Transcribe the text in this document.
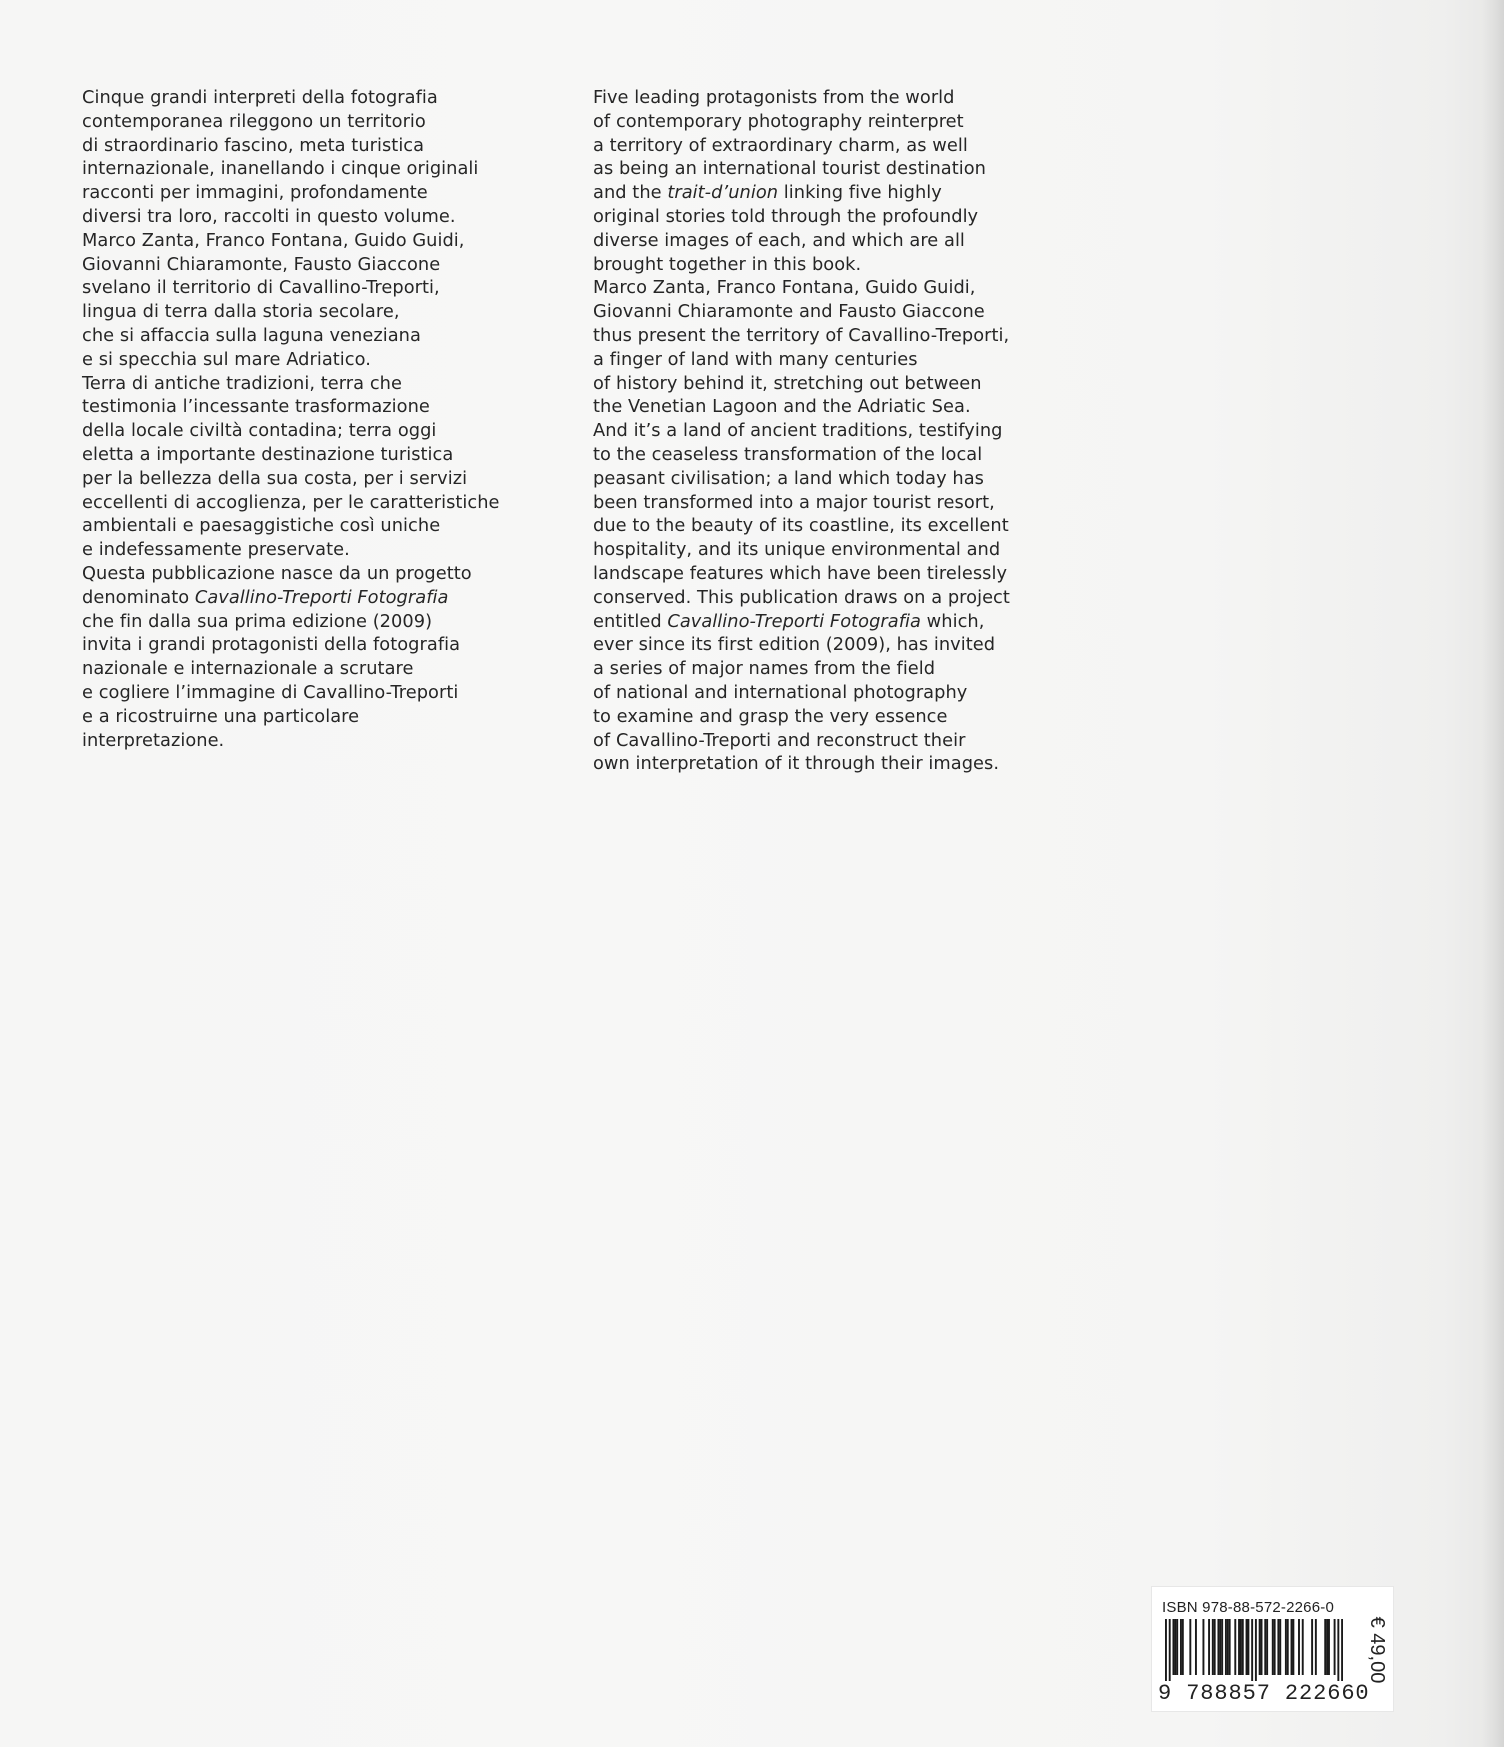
Cinque grandi interpreti della fotografia
contemporanea rileggono un territorio
di straordinario fascino, meta turistica
internazionale, inanellando i cinque originali
racconti per immagini, profondamente
diversi tra loro, raccolti in questo volume.
Marco Zanta, Franco Fontana, Guido Guidi,
Giovanni Chiaramonte, Fausto Giaccone
svelano il territorio di Cavallino-Treporti,
lingua di terra dalla storia secolare,
che si affaccia sulla laguna veneziana
e si specchia sul mare Adriatico.
Terra di antiche tradizioni, terra che
testimonia l’incessante trasformazione
della locale civiltà contadina; terra oggi
eletta a importante destinazione turistica
per la bellezza della sua costa, per i servizi
eccellenti di accoglienza, per le caratteristiche
ambientali e paesaggistiche così uniche
e indefessamente preservate.
Questa pubblicazione nasce da un progetto
denominato Cavallino-Treporti Fotografia
che fin dalla sua prima edizione (2009)
invita i grandi protagonisti della fotografia
nazionale e internazionale a scrutare
e cogliere l’immagine di Cavallino-Treporti
e a ricostruirne una particolare
interpretazione.
Five leading protagonists from the world
of contemporary photography reinterpret
a territory of extraordinary charm, as well
as being an international tourist destination
and the trait-d’union linking five highly
original stories told through the profoundly
diverse images of each, and which are all
brought together in this book.
Marco Zanta, Franco Fontana, Guido Guidi,
Giovanni Chiaramonte and Fausto Giaccone
thus present the territory of Cavallino-Treporti,
a finger of land with many centuries
of history behind it, stretching out between
the Venetian Lagoon and the Adriatic Sea.
And it’s a land of ancient traditions, testifying
to the ceaseless transformation of the local
peasant civilisation; a land which today has
been transformed into a major tourist resort,
due to the beauty of its coastline, its excellent
hospitality, and its unique environmental and
landscape features which have been tirelessly
conserved. This publication draws on a project
entitled Cavallino-Treporti Fotografia which,
ever since its first edition (2009), has invited
a series of major names from the field
of national and international photography
to examine and grasp the very essence
of Cavallino-Treporti and reconstruct their
own interpretation of it through their images.
ISBN 978-88-572-2266-0
9 788857 222660
€ 49,00
